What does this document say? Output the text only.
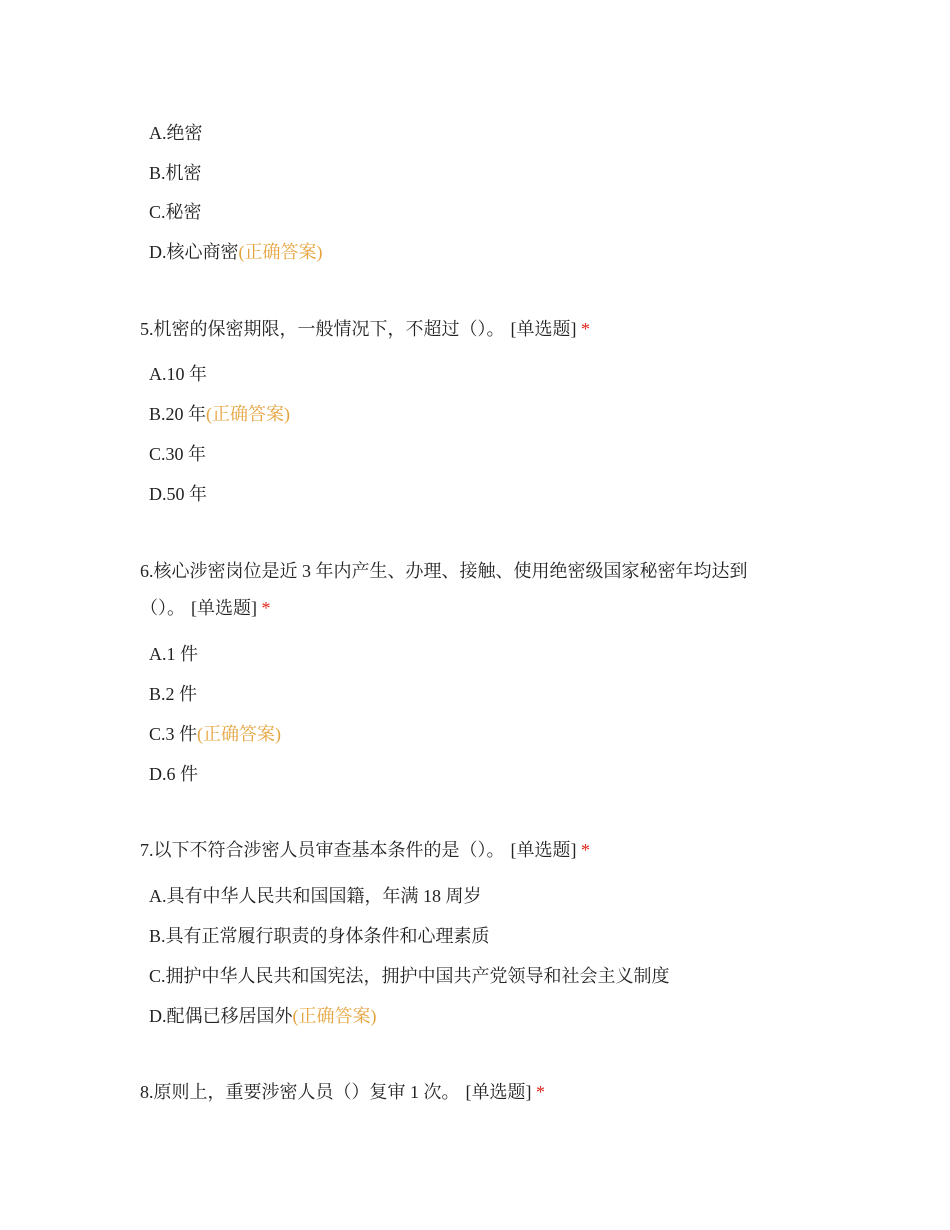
A.绝密
B.机密
C.秘密
D.核心商密(正确答案)
5.机密的保密期限，一般情况下，不超过（）。 [单选题] *
A.10 年
B.20 年(正确答案)
C.30 年
D.50 年
6.核心涉密岗位是近 3 年内产生、办理、接触、使用绝密级国家秘密年均达到（）。 [单选题] *
A.1 件
B.2 件
C.3 件(正确答案)
D.6 件
7.以下不符合涉密人员审查基本条件的是（）。 [单选题] *
A.具有中华人民共和国国籍，年满 18 周岁
B.具有正常履行职责的身体条件和心理素质
C.拥护中华人民共和国宪法，拥护中国共产党领导和社会主义制度
D.配偶已移居国外(正确答案)
8.原则上，重要涉密人员（）复审 1 次。 [单选题] *
